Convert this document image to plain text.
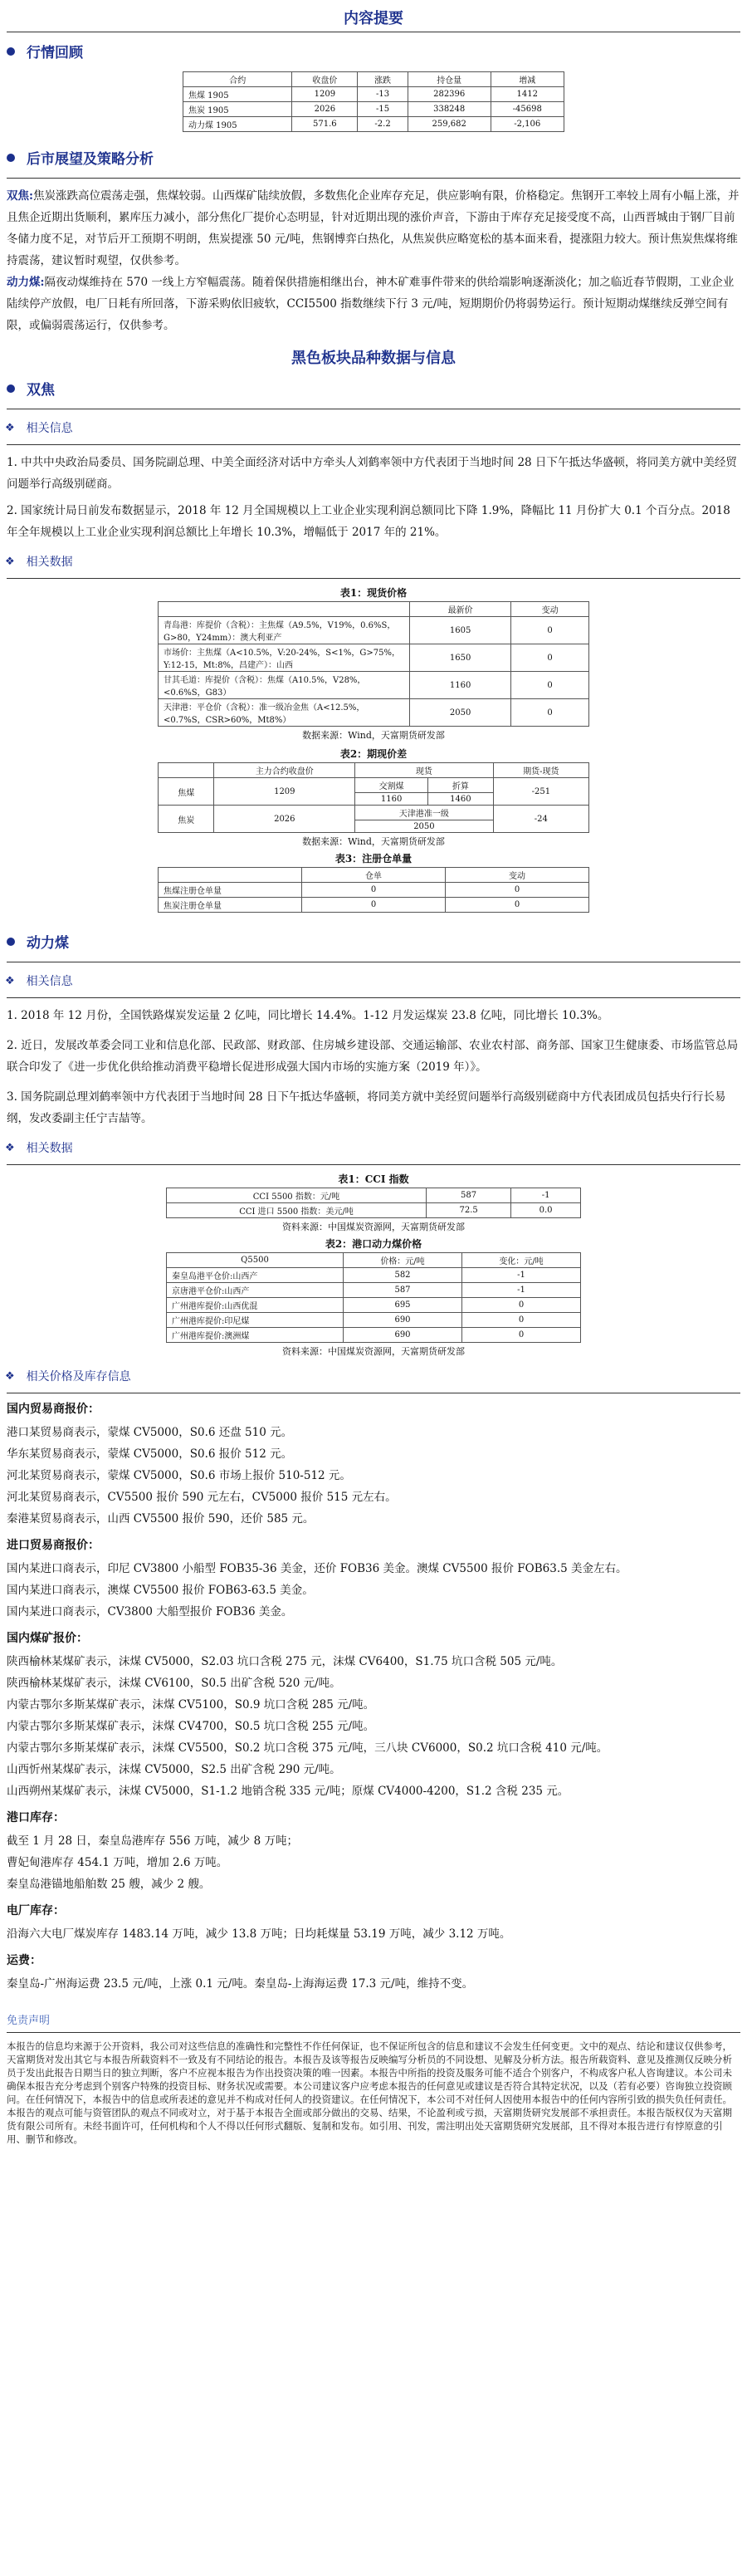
内容提要
行情回顾
合约	收盘价	涨跌	持仓量	增减
焦煤 1905	1209	-13	282396	1412
焦炭 1905	2026	-15	338248	-45698
动力煤 1905	571.6	-2.2	259,682	-2,106
后市展望及策略分析

双焦:焦炭涨跌高位震荡走强，焦煤较弱。山西煤矿陆续放假，多数焦化企业库存充足，供应影响有限，价格稳定。焦钢开工率较上周有小幅上涨，并且焦企近期出货顺利，累库压力减小，部分焦化厂提价心态明显，针对近期出现的涨价声音，下游由于库存充足接受度不高，山西晋城由于钢厂目前冬储力度不足，对节后开工预期不明朗，焦炭提涨 50 元/吨，焦钢博弈白热化，从焦炭供应略宽松的基本面来看，提涨阻力较大。预计焦炭焦煤将维持震荡，建议暂时观望，仅供参考。

动力煤:隔夜动煤维持在 570 一线上方窄幅震荡。随着保供措施相继出台，神木矿难事件带来的供给端影响逐渐淡化；加之临近春节假期，工业企业陆续停产放假，电厂日耗有所回落，下游采购依旧疲软，CCI5500 指数继续下行 3 元/吨，短期期价仍将弱势运行。预计短期动煤继续反弹空间有限，或偏弱震荡运行，仅供参考。

黑色板块品种数据与信息
双焦
❖ 相关信息

1. 中共中央政治局委员、国务院副总理、中美全面经济对话中方牵头人刘鹤率领中方代表团于当地时间 28 日下午抵达华盛顿，将同美方就中美经贸问题举行高级别磋商。

2. 国家统计局日前发布数据显示，2018 年 12 月全国规模以上工业企业实现利润总额同比下降 1.9%，降幅比 11 月份扩大 0.1 个百分点。2018 年全年规模以上工业企业实现利润总额比上年增长 10.3%，增幅低于 2017 年的 21%。

❖ 相关数据
表1：现货价格
	最新价	变动
青岛港：库提价（含税）：主焦煤（A9.5%，V19%，0.6%S，G>80，Y24mm）：澳大利亚产	1605	0
市场价：主焦煤（A<10.5%，V:20-24%，S<1%，G>75%，Y:12-15，Mt:8%，昌建产）：山西	1650	0
甘其毛道：库提价（含税）：焦煤（A10.5%，V28%，<0.6%S，G83）	1160	0
天津港：平仓价（含税）：准一级冶金焦（A<12.5%，<0.7%S，CSR>60%，Mt8%）	2050	0
数据来源：Wind，天富期货研发部
表2：期现价差
	主力合约收盘价	现货		期货-现货
焦煤	1209	交割煤	折算	-251
		1160	1460	
焦炭	2026	天津港准一级		-24
		2050		
数据来源：Wind，天富期货研发部
表3：注册仓单量
	仓单	变动
焦煤注册仓单量	0	0
焦炭注册仓单量	0	0
动力煤
❖ 相关信息

1. 2018 年 12 月份，全国铁路煤炭发运量 2 亿吨，同比增长 14.4%。1-12 月发运煤炭 23.8 亿吨，同比增长 10.3%。

2. 近日，发展改革委会同工业和信息化部、民政部、财政部、住房城乡建设部、交通运输部、农业农村部、商务部、国家卫生健康委、市场监管总局联合印发了《进一步优化供给推动消费平稳增长促进形成强大国内市场的实施方案（2019 年）》。

3. 国务院副总理刘鹤率领中方代表团于当地时间 28 日下午抵达华盛顿，将同美方就中美经贸问题举行高级别磋商中方代表团成员包括央行行长易纲，发改委副主任宁吉喆等。

❖ 相关数据
表1：CCI 指数
CCI 5500 指数：元/吨	587	-1
CCI 进口 5500 指数：美元/吨	72.5	0.0
资料来源：中国煤炭资源网，天富期货研发部
表2：港口动力煤价格
Q5500	价格：元/吨	变化：元/吨
秦皇岛港平仓价:山西产	582	-1
京唐港平仓价:山西产	587	-1
广州港库提价:山西优混	695	0
广州港库提价:印尼煤	690	0
广州港库提价:澳洲煤	690	0
资料来源：中国煤炭资源网，天富期货研发部
❖ 相关价格及库存信息
国内贸易商报价：
港口某贸易商表示，蒙煤 CV5000，S0.6 还盘 510 元。
华东某贸易商表示，蒙煤 CV5000，S0.6 报价 512 元。
河北某贸易商表示，蒙煤 CV5000，S0.6 市场上报价 510-512 元。
河北某贸易商表示，CV5500 报价 590 元左右，CV5000 报价 515 元左右。
秦港某贸易商表示，山西 CV5500 报价 590，还价 585 元。
进口贸易商报价：
国内某进口商表示，印尼 CV3800 小船型 FOB35-36 美金，还价 FOB36 美金。澳煤 CV5500 报价 FOB63.5 美金左右。
国内某进口商表示，澳煤 CV5500 报价 FOB63-63.5 美金。
国内某进口商表示，CV3800 大船型报价 FOB36 美金。
国内煤矿报价：
陕西榆林某煤矿表示，沫煤 CV5000，S2.03 坑口含税 275 元，沫煤 CV6400，S1.75 坑口含税 505 元/吨。
陕西榆林某煤矿表示，沫煤 CV6100，S0.5 出矿含税 520 元/吨。
内蒙古鄂尔多斯某煤矿表示，沫煤 CV5100，S0.9 坑口含税 285 元/吨。
内蒙古鄂尔多斯某煤矿表示，沫煤 CV4700，S0.5 坑口含税 255 元/吨。
内蒙古鄂尔多斯某煤矿表示，沫煤 CV5500，S0.2 坑口含税 375 元/吨，三八块 CV6000，S0.2 坑口含税 410 元/吨。
山西忻州某煤矿表示，沫煤 CV5000，S2.5 出矿含税 290 元/吨。
山西朔州某煤矿表示，沫煤 CV5000，S1-1.2 地销含税 335 元/吨；原煤 CV4000-4200，S1.2 含税 235 元。
港口库存：
截至 1 月 28 日，秦皇岛港库存 556 万吨，减少 8 万吨；
曹妃甸港库存 454.1 万吨，增加 2.6 万吨。
秦皇岛港锚地船舶数 25 艘，减少 2 艘。
电厂库存：
沿海六大电厂煤炭库存 1483.14 万吨，减少 13.8 万吨；日均耗煤量 53.19 万吨，减少 3.12 万吨。
运费：
秦皇岛-广州海运费 23.5 元/吨，上涨 0.1 元/吨。秦皇岛-上海海运费 17.3 元/吨，维持不变。
免责声明
本报告的信息均来源于公开资料，我公司对这些信息的准确性和完整性不作任何保证，也不保证所包含的信息和建议不会发生任何变更。文中的观点、结论和建议仅供参考，天富期货对发出其它与本报告所载资料不一致及有不同结论的报告。本报告及该等报告反映编写分析员的不同设想、见解及分析方法。报告所载资料、意见及推测仅反映分析员于发出此报告日期当日的独立判断，客户不应视本报告为作出投资决策的唯一因素。本报告中所指的投资及服务可能不适合个别客户，不构成客户私人咨询建议。本公司未确保本报告充分考虑到个别客户特殊的投资目标、财务状况或需要。本公司建议客户应考虑本报告的任何意见或建议是否符合其特定状况，以及（若有必要）咨询独立投资顾问。在任何情况下，本报告中的信息或所表述的意见并不构成对任何人的投资建议。在任何情况下，本公司不对任何人因使用本报告中的任何内容所引致的损失负任何责任。本报告的观点可能与资管团队的观点不同或对立，对于基于本报告全面或部分做出的交易、结果，不论盈利或亏损，天富期货研究发展部不承担责任。本报告版权仅为天富期货有限公司所有。未经书面许可，任何机构和个人不得以任何形式翻版、复制和发布。如引用、刊发，需注明出处天富期货研究发展部，且不得对本报告进行有悖原意的引用、删节和修改。
